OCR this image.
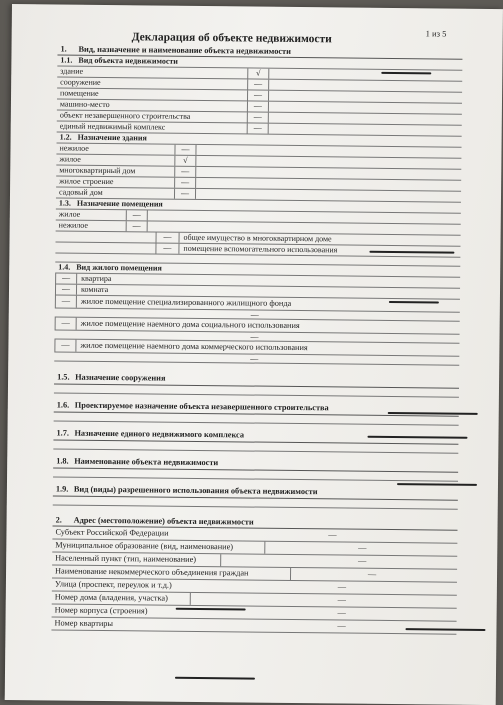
1 из 5
Декларация об объекте недвижимости
1. Вид, назначение и наименование объекта недвижимости
1.1. Вид объекта недвижимости
здание	√
сооружение	—
помещение	—
машино-место	—
объект незавершенного строительства	—
единый недвижимый комплекс	—
1.2. Назначение здания
нежилое	—
жилое	√
многоквартирный дом	—
жилое строение	—
садовый дом	—
1.3. Назначение помещения
жилое	—
нежилое	—
—	общее имущество в многоквартирном доме
—	помещение вспомогательного использования
1.4. Вид жилого помещения
—	квартира
—	комната
—	жилое помещение специализированного жилищного фонда
—
—	жилое помещение наемного дома социального использования
—
—	жилое помещение наемного дома коммерческого использования
—
1.5. Назначение сооружения
1.6. Проектируемое назначение объекта незавершенного строительства
1.7. Назначение единого недвижимого комплекса
1.8. Наименование объекта недвижимости
1.9. Вид (виды) разрешенного использования объекта недвижимости
2. Адрес (местоположение) объекта недвижимости
Субъект Российской Федерации	—
Муниципальное образование (вид, наименование)	—
Населенный пункт (тип, наименование)	—
Наименование некоммерческого объединения граждан	—
Улица (проспект, переулок и т.д.)	—
Номер дома (владения, участка)	—
Номер корпуса (строения)	—
Номер квартиры	—
